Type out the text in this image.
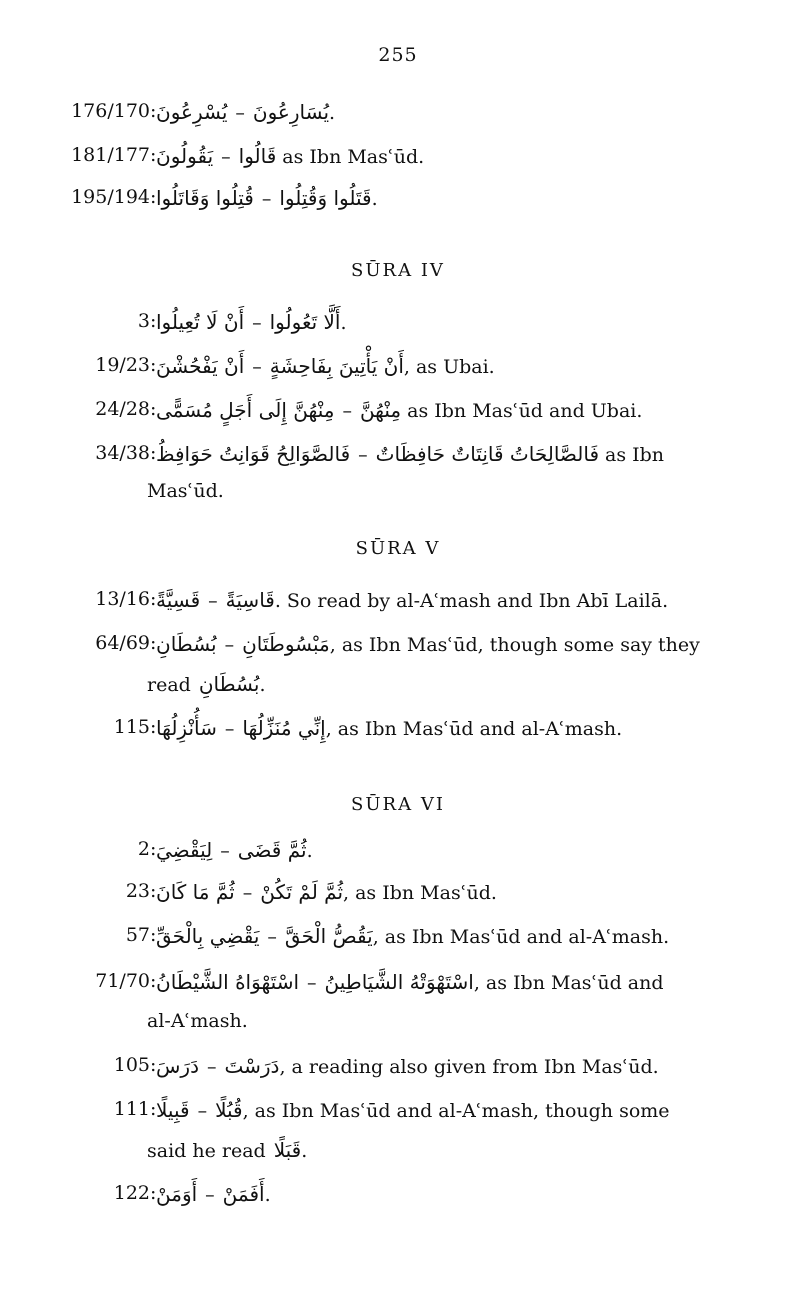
255
176/170 : يُسْرِعُونَ – يُسَارِعُونَ .
181/177 : يَقُولُونَ – قَالُوا as Ibn Masʿūd.
195/194 : قُتِلُوا وَقَاتَلُوا – قَتَلُوا وَقُتِلُوا .
SŪRA IV
3 : أَنْ لَا تُعِيلُوا – أَلَّا تَعُولُوا .
19/23 : أَنْ يَفْحُشْنَ – أَنْ يَأْتِينَ بِفَاحِشَةٍ , as Ubai.
24/28 : مِنْهُنَّ إِلَى أَجَلٍ مُسَمًّى – مِنْهُنَّ as Ibn Masʿūd and Ubai.
34/38 : فَالصَّوَالِحُ قَوَانِتُ حَوَافِظُ – فَالصَّالِحَاتُ قَانِتَاتٌ حَافِظَاتٌ as Ibn
Masʿūd.
SŪRA V
13/16 : قَسِيَّةً – قَاسِيَةً . So read by al-Aʿmash and Ibn Abī Lailā.
64/69 : بُسُطَانِ – مَبْسُوطَتَانِ , as Ibn Masʿūd, though some say they
read بُسُطَانِ .
115 : سَأُنْزِلُهَا – إِنِّي مُنَزِّلُهَا , as Ibn Masʿūd and al-Aʿmash.
SŪRA VI
2 : لِيَقْضِيَ – ثُمَّ قَضَى .
23 : ثُمَّ مَا كَانَ – ثُمَّ لَمْ تَكُنْ , as Ibn Masʿūd.
57 : يَقْضِي بِالْحَقِّ – يَقُصُّ الْحَقَّ , as Ibn Masʿūd and al-Aʿmash.
71/70 : اسْتَهْوَاهُ الشَّيْطَانُ – اسْتَهْوَتْهُ الشَّيَاطِينُ , as Ibn Masʿūd and
al-Aʿmash.
105 : دَرَسَ – دَرَسْتَ , a reading also given from Ibn Masʿūd.
111 : قَبِيلًا – قُبُلًا , as Ibn Masʿūd and al-Aʿmash, though some
said he read قَبَلًا .
122 : أَوَمَنْ – أَفَمَنْ .
